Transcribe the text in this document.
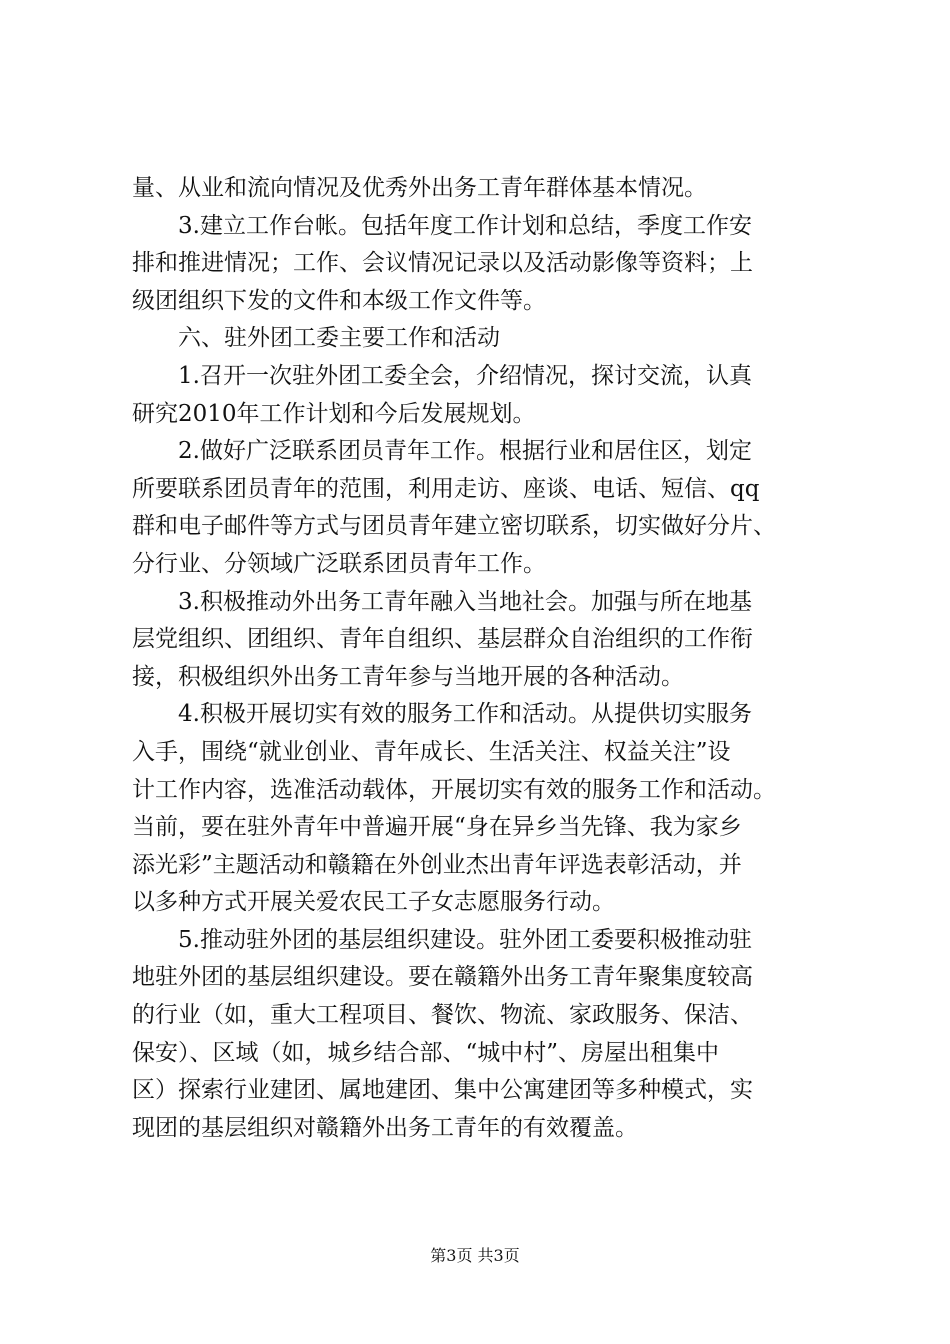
量、从业和流向情况及优秀外出务工青年群体基本情况。
3.建立工作台帐。包括年度工作计划和总结，季度工作安
排和推进情况；工作、会议情况记录以及活动影像等资料；上
级团组织下发的文件和本级工作文件等。
六、驻外团工委主要工作和活动
1.召开一次驻外团工委全会，介绍情况，探讨交流，认真
研究2010年工作计划和今后发展规划。
2.做好广泛联系团员青年工作。根据行业和居住区，划定
所要联系团员青年的范围，利用走访、座谈、电话、短信、qq
群和电子邮件等方式与团员青年建立密切联系，切实做好分片、
分行业、分领域广泛联系团员青年工作。
3.积极推动外出务工青年融入当地社会。加强与所在地基
层党组织、团组织、青年自组织、基层群众自治组织的工作衔
接，积极组织外出务工青年参与当地开展的各种活动。
4.积极开展切实有效的服务工作和活动。从提供切实服务
入手，围绕“就业创业、青年成长、生活关注、权益关注”设
计工作内容，选准活动载体，开展切实有效的服务工作和活动。
当前，要在驻外青年中普遍开展“身在异乡当先锋、我为家乡
添光彩”主题活动和赣籍在外创业杰出青年评选表彰活动，并
以多种方式开展关爱农民工子女志愿服务行动。
5.推动驻外团的基层组织建设。驻外团工委要积极推动驻
地驻外团的基层组织建设。要在赣籍外出务工青年聚集度较高
的行业（如，重大工程项目、餐饮、物流、家政服务、保洁、
保安）、区域（如，城乡结合部、“城中村”、房屋出租集中
区）探索行业建团、属地建团、集中公寓建团等多种模式，实
现团的基层组织对赣籍外出务工青年的有效覆盖。
第3页 共3页
